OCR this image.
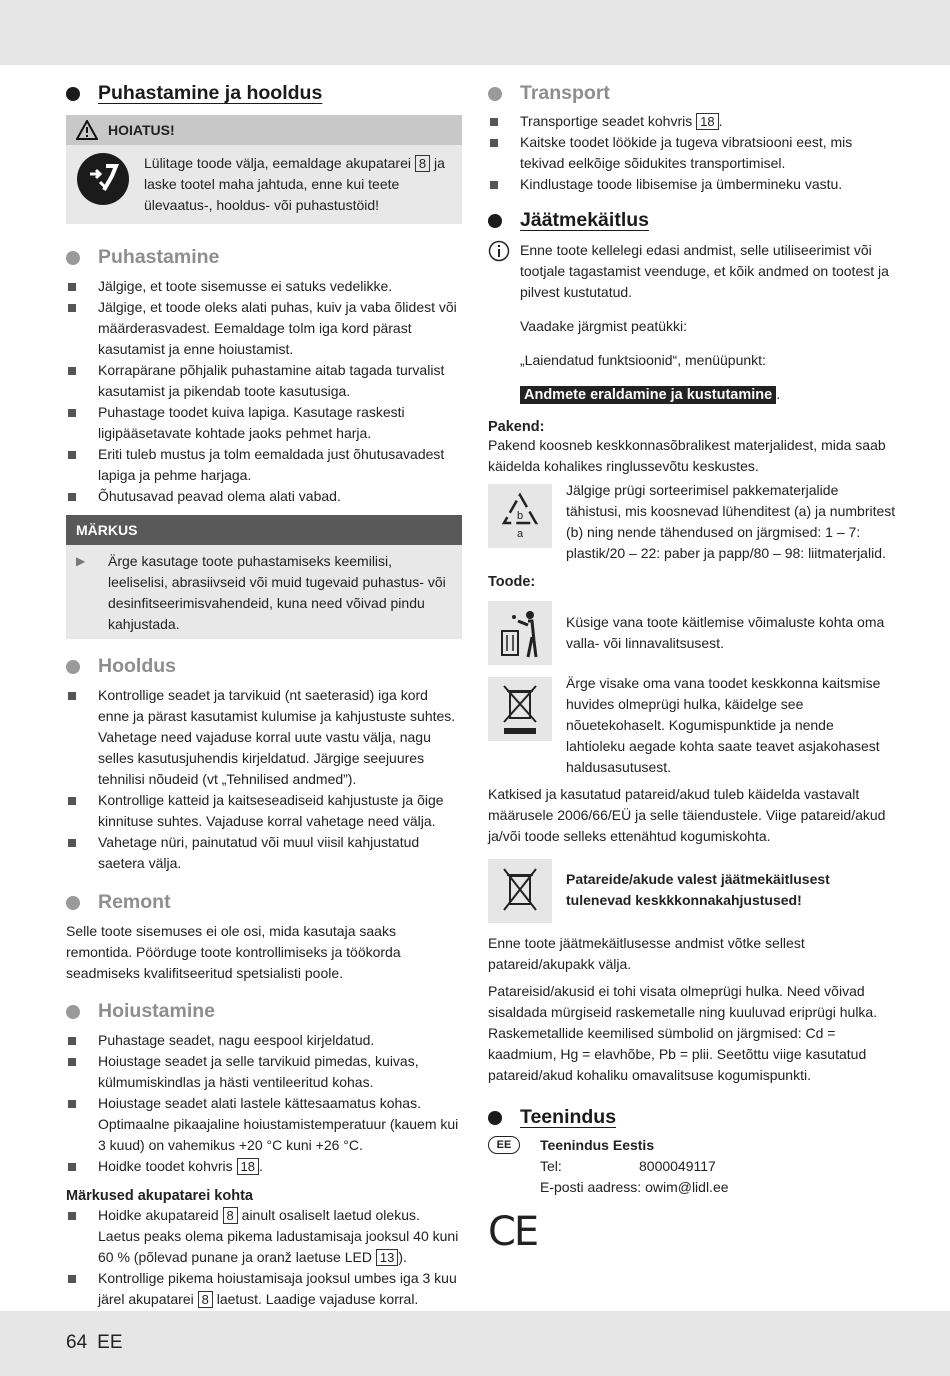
Puhastamine ja hooldus
HOIATUS!

Lülitage toode välja, eemaldage akupatarei 8 ja laske tootel maha jahtuda, enne kui teete ülevaatus-, hooldus- või puhastustöid!

Puhastamine
Jälgige, et toote sisemusse ei satuks vedelikke.
Jälgige, et toode oleks alati puhas, kuiv ja vaba õlidest või määrderasvadest. Eemaldage tolm iga kord pärast kasutamist ja enne hoiustamist.
Korrapärane põhjalik puhastamine aitab tagada turvalist kasutamist ja pikendab toote kasutusiga.
Puhastage toodet kuiva lapiga. Kasutage raskesti ligipääsetavate kohtade jaoks pehmet harja.
Eriti tuleb mustus ja tolm eemaldada just õhutusavadest lapiga ja pehme harjaga.
Õhutusavad peavad olema alati vabad.
MÄRKUS
▶	Ärge kasutage toote puhastamiseks keemilisi, leeliselisi, abrasiivseid või muid tugevaid puhastus- või desinfitseerimisvahendeid, kuna need võivad pindu kahjustada.

Hooldus
Kontrollige seadet ja tarvikuid (nt saeterasid) iga kord enne ja pärast kasutamist kulumise ja kahjustuste suhtes. Vahetage need vajaduse korral uute vastu välja, nagu selles kasutusjuhendis kirjeldatud. Järgige seejuures tehnilisi nõudeid (vt „Tehnilised andmed”).
Kontrollige katteid ja kaitseseadiseid kahjustuste ja õige kinnituse suhtes. Vajaduse korral vahetage need välja.
Vahetage nüri, painutatud või muul viisil kahjustatud saetera välja.
Remont

Selle toote sisemuses ei ole osi, mida kasutaja saaks remontida. Pöörduge toote kontrollimiseks ja töökorda seadmiseks kvalifitseeritud spetsialisti poole.

Hoiustamine
Puhastage seadet, nagu eespool kirjeldatud.
Hoiustage seadet ja selle tarvikuid pimedas, kuivas, külmumiskindlas ja hästi ventileeritud kohas.
Hoiustage seadet alati lastele kättesaamatus kohas. Optimaalne pikaajaline hoiustamistemperatuur (kauem kui 3 kuud) on vahemikus +20 °C kuni +26 °C.
Hoidke toodet kohvris 18 .
Märkused akupatarei kohta
Hoidke akupatareid 8 ainult osaliselt laetud olekus. Laetus peaks olema pikema ladustamisaja jooksul 40 kuni 60 % (põlevad punane ja oranž laetuse LED 13 ).
Kontrollige pikema hoiustamisaja jooksul umbes iga 3 kuu järel akupatarei 8 laetust. Laadige vajaduse korral.
Transport
Transportige seadet kohvris 18 .
Kaitske toodet löökide ja tugeva vibratsiooni eest, mis tekivad eelkõige sõidukites transportimisel.
Kindlustage toode libisemise ja ümbermineku vastu.
Jäätmekäitlus

Enne toote kellelegi edasi andmist, selle utiliseerimist või tootjale tagastamist veenduge, et kõik andmed on tootest ja pilvest kustutatud.

Vaadake järgmist peatükki:

„Laiendatud funktsioonid“, menüüpunkt:

Andmete eraldamine ja kustutamine .

Pakend:

Pakend koosneb keskkonnasõbralikest materjalidest, mida saab käidelda kohalikes ringlussevõtu keskustes.

b
a

Jälgige prügi sorteerimisel pakkematerjalide tähistusi, mis koosnevad lühenditest (a) ja numbritest (b) ning nende tähendused on järgmised: 1 – 7: plastik/20 – 22: paber ja papp/80 – 98: liitmaterjalid.

Toode:

Küsige vana toote käitlemise võimaluste kohta oma valla- või linnavalitsusest.

Ärge visake oma vana toodet keskkonna kaitsmise huvides olmeprügi hulka, käidelge see nõuetekohaselt. Kogumispunktide ja nende lahtioleku aegade kohta saate teavet asjakohasest haldusasutusest.

Katkised ja kasutatud patareid/akud tuleb käidelda vastavalt määrusele 2006/66/EÜ ja selle täiendustele. Viige patareid/akud ja/või toode selleks ettenähtud kogumiskohta.

Patareide/akude valest jäätmekäitlusest tulenevad keskkkonnakahjustused!

Enne toote jäätmekäitlusesse andmist võtke sellest patareid/akupakk välja.

Patareisid/akusid ei tohi visata olmeprügi hulka. Need võivad sisaldada mürgiseid raskemetalle ning kuuluvad eriprügi hulka. Raskemetallide keemilised sümbolid on järgmised: Cd = kaadmium, Hg = elavhõbe, Pb = plii. Seetõttu viige kasutatud patareid/akud kohaliku omavalitsuse kogumispunkti.

Teenindus
EE	Teenindus Eestis
Tel:	8000049117
E-posti aadress: owim@lidl.ee
CE
64 EE
